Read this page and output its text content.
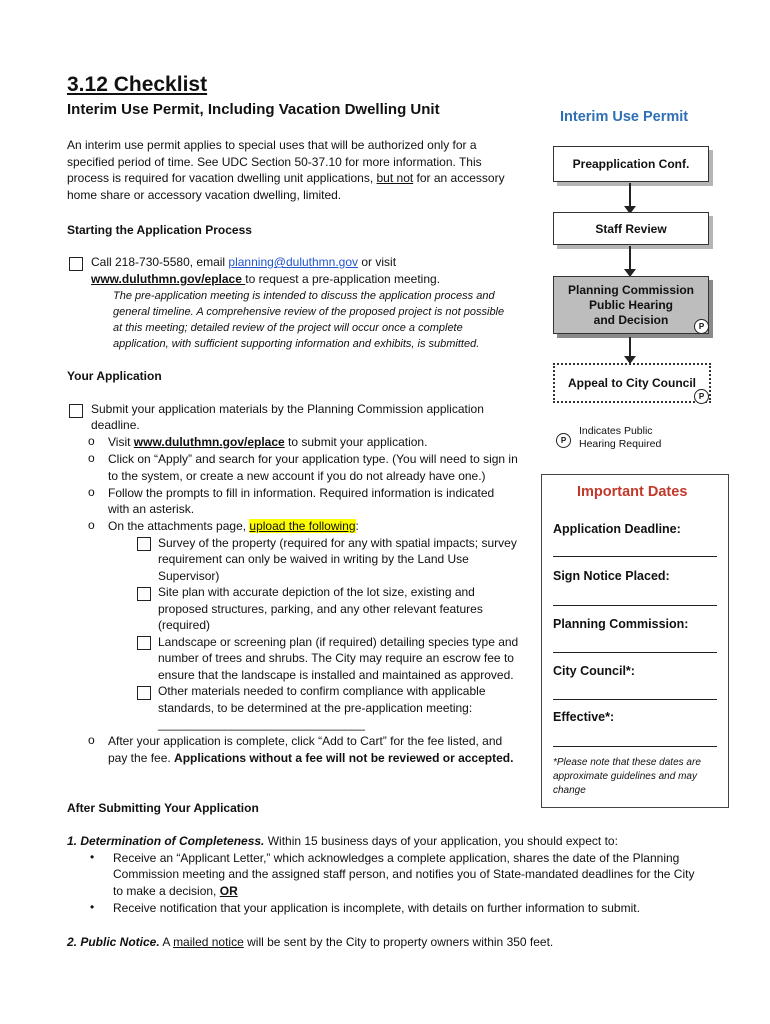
3.12 Checklist
Interim Use Permit, Including Vacation Dwelling Unit
An interim use permit applies to special uses that will be authorized only for a
specified period of time. See UDC Section 50-37.10 for more information. This
process is required for vacation dwelling unit applications, but not for an accessory
home share or accessory vacation dwelling, limited.
Starting the Application Process
Call 218-730-5580, email planning@duluthmn.gov or visit
www.duluthmn.gov/eplace to request a pre-application meeting.
The pre-application meeting is intended to discuss the application process and
general timeline. A comprehensive review of the proposed project is not possible
at this meeting; detailed review of the project will occur once a complete
application, with sufficient supporting information and exhibits, is submitted.
Your Application
Submit your application materials by the Planning Commission application
deadline.
o Visit www.duluthmn.gov/eplace to submit your application.
o Click on “Apply” and search for your application type. (You will need to sign in
to the system, or create a new account if you do not already have one.)
o Follow the prompts to fill in information. Required information is indicated
with an asterisk.
o On the attachments page, upload the following:
Survey of the property (required for any with spatial impacts; survey
requirement can only be waived in writing by the Land Use
Supervisor)
Site plan with accurate depiction of the lot size, existing and
proposed structures, parking, and any other relevant features
(required)
Landscape or screening plan (if required) detailing species type and
number of trees and shrubs. The City may require an escrow fee to
ensure that the landscape is installed and maintained as approved.
Other materials needed to confirm compliance with applicable
standards, to be determined at the pre-application meeting:
_______________________________
o After your application is complete, click “Add to Cart” for the fee listed, and
pay the fee. Applications without a fee will not be reviewed or accepted.
After Submitting Your Application
1. Determination of Completeness. Within 15 business days of your application, you should expect to:
• Receive an “Applicant Letter,” which acknowledges a complete application, shares the date of the Planning
Commission meeting and the assigned staff person, and notifies you of State-mandated deadlines for the City
to make a decision, OR
• Receive notification that your application is incomplete, with details on further information to submit.
2. Public Notice. A mailed notice will be sent by the City to property owners within 350 feet.
Interim Use Permit
Preapplication Conf.
Staff Review
Planning Commission
Public Hearing
and Decision	P
Appeal to City Council
P
P
Indicates Public
Hearing Required
Important Dates
Application Deadline:
Sign Notice Placed:
Planning Commission:
City Council*:
Effective*:
*Please note that these dates are
approximate guidelines and may
change
